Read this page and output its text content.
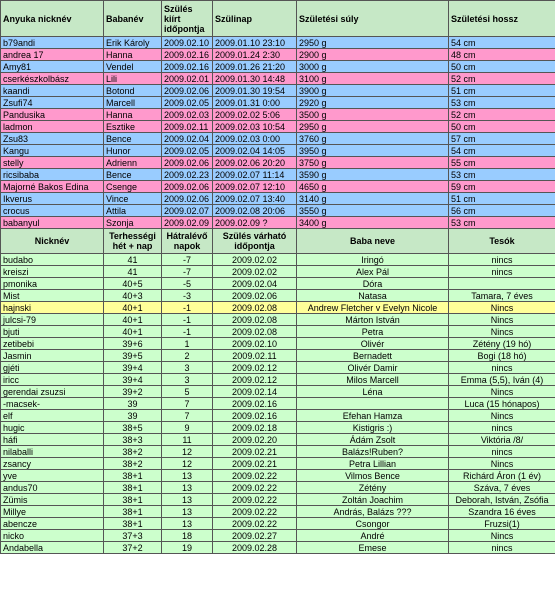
Anyuka nicknév	Babanév	Szülés kiírt időpontja	Szülinap	Születési súly	Születési hossz
b79andi	Erik Károly	2009.02.10	2009.01.10 23:10	2950 g	54 cm
andrea 17	Hanna	2009.02.16	2009.01.24 2:30	2900 g	48 cm
Amy81	Vendel	2009.02.16	2009.01.26 21:20	3000 g	50 cm
cserkészkolbász	Lili	2009.02.01	2009.01.30 14:48	3100 g	52 cm
kaandi	Botond	2009.02.06	2009.01.30 19:54	3900 g	51 cm
Zsufi74	Marcell	2009.02.05	2009.01.31 0:00	2920 g	53 cm
Pandusika	Hanna	2009.02.03	2009.02.02 5:06	3500 g	52 cm
ladmon	Esztike	2009.02.11	2009.02.03 10:54	2950 g	50 cm
Zsu83	Bence	2009.02.04	2009.02.03 0:00	3760 g	57 cm
Kangu	Hunor	2009.02.05	2009.02.04 14:05	3950 g	54 cm
stelly	Adrienn	2009.02.06	2009.02.06 20:20	3750 g	55 cm
ricsibaba	Bence	2009.02.23	2009.02.07 11:14	3590 g	53 cm
Majorné Bakos Edina	Csenge	2009.02.06	2009.02.07 12:10	4650 g	59 cm
Ikverus	Vince	2009.02.06	2009.02.07 13:40	3140 g	51 cm
crocus	Attila	2009.02.07	2009.02.08 20:06	3550 g	56 cm
babanyul	Szonja	2009.02.09	2009.02.09 ?	3400 g	53 cm
Nicknév	Terhességi hét + nap	Hátralévő napok	Szülés várható időpontja	Baba neve	Tesók
budabo	41	-7	2009.02.02	Iringó	nincs
kreiszi	41	-7	2009.02.02	Alex Pál	nincs
pmonika	40+5	-5	2009.02.04	Dóra	
Mist	40+3	-3	2009.02.06	Natasa	Tamara, 7 éves
hajnski	40+1	-1	2009.02.08	Andrew Fletcher v Evelyn Nicole	Nincs
julcsi-79	40+1	-1	2009.02.08	Márton István	Nincs
bjuti	40+1	-1	2009.02.08	Petra	Nincs
zetibebi	39+6	1	2009.02.10	Olivér	Zétény (19 hó)
Jasmin	39+5	2	2009.02.11	Bernadett	Bogi (18 hó)
gjéti	39+4	3	2009.02.12	Olivér Damir	nincs
iricc	39+4	3	2009.02.12	Milos Marcell	Emma (5,5), Iván (4)
gerendai zsuzsi	39+2	5	2009.02.14	Léna	Nincs
-macsek-	39	7	2009.02.16		Luca (15 hónapos)
elf	39	7	2009.02.16	Efehan Hamza	Nincs
hugic	38+5	9	2009.02.18	Kistigris :)	nincs
háfi	38+3	11	2009.02.20	Ádám Zsolt	Viktória /8/
nilaballi	38+2	12	2009.02.21	Balázs!Ruben?	nincs
zsancy	38+2	12	2009.02.21	Petra Lillian	Nincs
yve	38+1	13	2009.02.22	Vilmos Bence	Richárd Áron (1 év)
andus70	38+1	13	2009.02.22	Zétény	Száva, 7 éves
Zümis	38+1	13	2009.02.22	Zoltán Joachim	Deborah, István, Zsófia
Millye	38+1	13	2009.02.22	András, Balázs ???	Szandra 16 éves
abencze	38+1	13	2009.02.22	Csongor	Fruzsi(1)
nicko	37+3	18	2009.02.27	André	Nincs
Andabella	37+2	19	2009.02.28	Emese	nincs
